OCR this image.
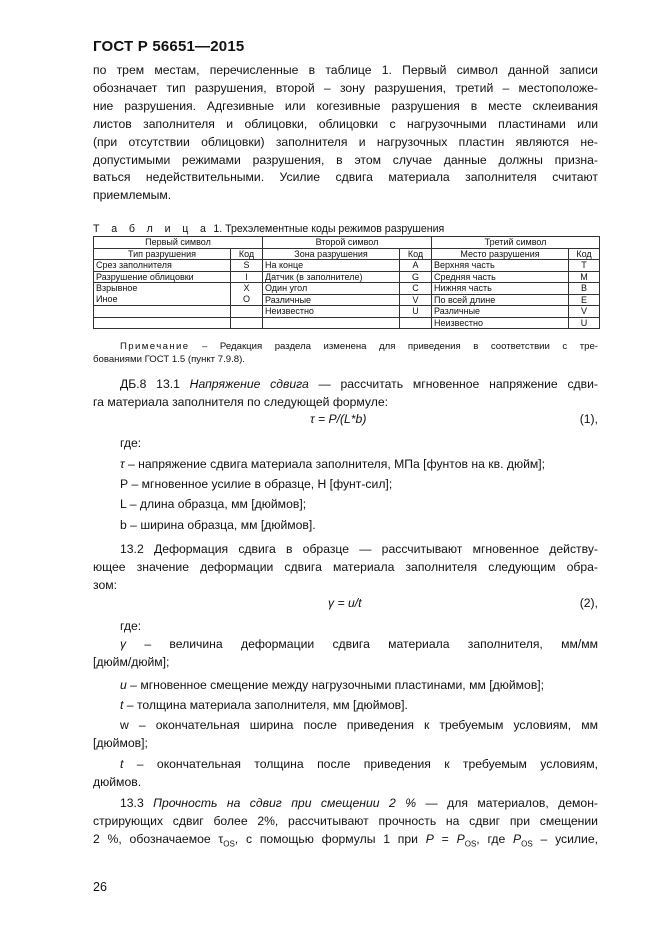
ГОСТ Р 56651—2015
по трем местам, перечисленные в таблице 1. Первый символ данной записи
обозначает тип разрушения, второй – зону разрушения, третий – местоположе-
ние разрушения. Адгезивные или когезивные разрушения в месте склеивания
листов заполнителя и облицовки, облицовки с нагрузочными пластинами или
(при отсутствии облицовки) заполнителя и нагрузочных пластин являются не-
допустимыми режимами разрушения, в этом случае данные должны призна-
ваться недействительными. Усилие сдвига материала заполнителя считают
приемлемым.
Т а б л и ц а 1. Трехэлементные коды режимов разрушения
Первый символ		Второй символ		Третий символ	
Тип разрушения	Код	Зона разрушения	Код	Место разрушения	Код
Срез заполнителя	S	На конце	A	Верхняя часть	T
Разрушение облицовки	I	Датчик (в заполнителе)	G	Средняя часть	M
Взрывное	X	Один угол	C	Нижняя часть	B
Иное	O	Различные	V	По всей длине	E
		Неизвестно	U	Различные	V
				Неизвестно	U
Примечание – Редакция раздела изменена для приведения в соответствии с тре-
бованиями ГОСТ 1.5 (пункт 7.9.8).
ДБ.8 13.1 Напряжение сдвига — рассчитать мгновенное напряжение сдви-
га материала заполнителя по следующей формуле:
τ = P/(L*b)	(1),
где:
τ – напряжение сдвига материала заполнителя, МПа [фунтов на кв. дюйм];
Р – мгновенное усилие в образце, Н [фунт-сил];
L – длина образца, мм [дюймов];
b – ширина образца, мм [дюймов].
13.2 Деформация сдвига в образце — рассчитывают мгновенное действу-
ющее значение деформации сдвига материала заполнителя следующим обра-
зом:
γ = u/t	(2),
где:
γ – величина деформации сдвига материала заполнителя, мм/мм
[дюйм/дюйм];
u – мгновенное смещение между нагрузочными пластинами, мм [дюймов];
t – толщина материала заполнителя, мм [дюймов].
w – окончательная ширина после приведения к требуемым условиям, мм
[дюймов];
t – окончательная толщина после приведения к требуемым условиям,
дюймов.
13.3 Прочность на сдвиг при смещении 2 % — для материалов, демон-
стрирующих сдвиг более 2%, рассчитывают прочность на сдвиг при смещении
2 %, обозначаемое $\tau_{OS}$, с помощью формулы 1 при $P = P_{OS}$, где $P_{OS}$ – усилие,
26
